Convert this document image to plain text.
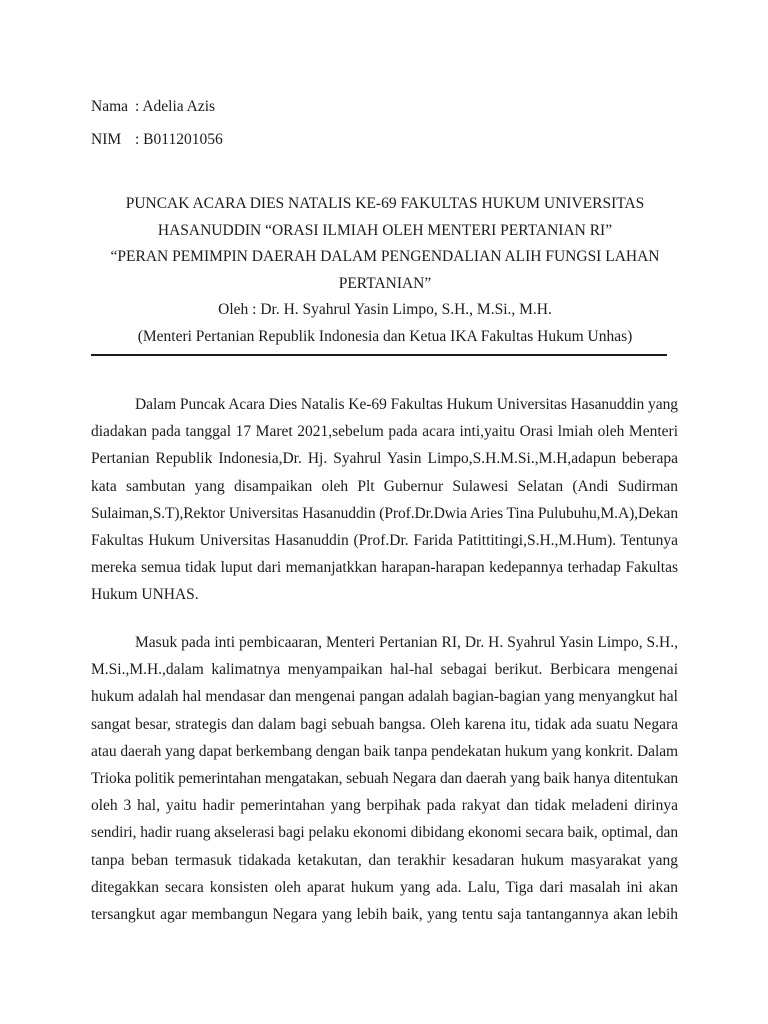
Nama : Adelia Azis
NIM : B011201056
PUNCAK ACARA DIES NATALIS KE-69 FAKULTAS HUKUM UNIVERSITAS
HASANUDDIN “ORASI ILMIAH OLEH MENTERI PERTANIAN RI”
“PERAN PEMIMPIN DAERAH DALAM PENGENDALIAN ALIH FUNGSI LAHAN
PERTANIAN”
Oleh : Dr. H. Syahrul Yasin Limpo, S.H., M.Si., M.H.
(Menteri Pertanian Republik Indonesia dan Ketua IKA Fakultas Hukum Unhas)
Dalam Puncak Acara Dies Natalis Ke-69 Fakultas Hukum Universitas Hasanuddin yang
diadakan pada tanggal 17 Maret 2021,sebelum pada acara inti,yaitu Orasi lmiah oleh Menteri
Pertanian Republik Indonesia,Dr. Hj. Syahrul Yasin Limpo,S.H.M.Si.,M.H,adapun beberapa
kata sambutan yang disampaikan oleh Plt Gubernur Sulawesi Selatan (Andi Sudirman
Sulaiman,S.T),Rektor Universitas Hasanuddin (Prof.Dr.Dwia Aries Tina Pulubuhu,M.A),Dekan
Fakultas Hukum Universitas Hasanuddin (Prof.Dr. Farida Patittitingi,S.H.,M.Hum). Tentunya
mereka semua tidak luput dari memanjatkkan harapan-harapan kedepannya terhadap Fakultas
Hukum UNHAS.
Masuk pada inti pembicaaran, Menteri Pertanian RI, Dr. H. Syahrul Yasin Limpo, S.H.,
M.Si.,M.H.,dalam kalimatnya menyampaikan hal-hal sebagai berikut. Berbicara mengenai
hukum adalah hal mendasar dan mengenai pangan adalah bagian-bagian yang menyangkut hal
sangat besar, strategis dan dalam bagi sebuah bangsa. Oleh karena itu, tidak ada suatu Negara
atau daerah yang dapat berkembang dengan baik tanpa pendekatan hukum yang konkrit. Dalam
Trioka politik pemerintahan mengatakan, sebuah Negara dan daerah yang baik hanya ditentukan
oleh 3 hal, yaitu hadir pemerintahan yang berpihak pada rakyat dan tidak meladeni dirinya
sendiri, hadir ruang akselerasi bagi pelaku ekonomi dibidang ekonomi secara baik, optimal, dan
tanpa beban termasuk tidakada ketakutan, dan terakhir kesadaran hukum masyarakat yang
ditegakkan secara konsisten oleh aparat hukum yang ada. Lalu, Tiga dari masalah ini akan
tersangkut agar membangun Negara yang lebih baik, yang tentu saja tantangannya akan lebih
